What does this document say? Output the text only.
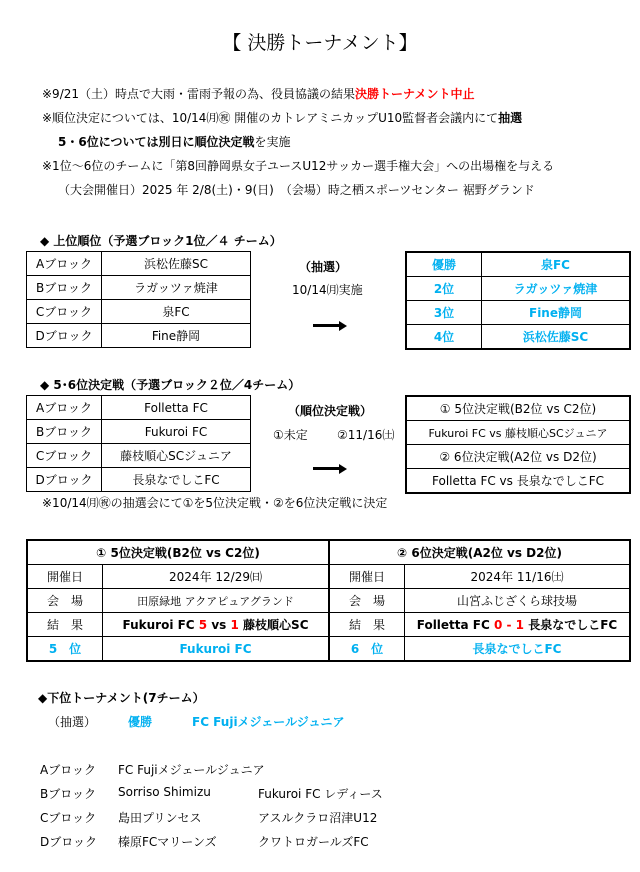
【 決勝トーナメント】
※9/21（土）時点で大雨・雷雨予報の為、役員協議の結果決勝トーナメント中止
※順位決定については、10/14㈪㊗ 開催のカトレアミニカップU10監督者会議内にて抽選
5・6位については別日に順位決定戦を実施
※1位〜6位のチームに「第8回静岡県女子ユースU12サッカー選手権大会」への出場権を与える
（大会開催日）2025 年 2/8(土)・9(日)　（会場）時之栖スポーツセンター 裾野グランド
◆ 上位順位（予選ブロック1位／４ チーム）
Aブロック	浜松佐藤SC
Bブロック	ラガッツァ焼津
Cブロック	泉FC
Dブロック	Fine静岡
（抽選）
10/14㈪実施
優勝	泉FC
2位	ラガッツァ焼津
3位	Fine静岡
4位	浜松佐藤SC
◆ 5･6位決定戦（予選ブロック２位／4チーム）
Aブロック	Folletta FC
Bブロック	Fukuroi FC
Cブロック	藤枝順心SCジュニア
Dブロック	長泉なでしこFC
（順位決定戦）
①未定 ②11/16㈯
① 5位決定戦(B2位 vs C2位)
Fukuroi FC vs 藤枝順心SCジュニア
② 6位決定戦(A2位 vs D2位)
Folletta FC vs 長泉なでしこFC
※10/14㈪㊗の抽選会にて①を5位決定戦・②を6位決定戦に決定
① 5位決定戦(B2位 vs C2位)	
開催日	2024年 12/29㈰
会　場	田原緑地 アクアピュアグランド
結　果	Fukuroi FC 5 vs 1 藤枝順心SC
5　位	Fukuroi FC
② 6位決定戦(A2位 vs D2位)	
開催日	2024年 11/16㈯
会　場	山宮ふじざくら球技場
結　果	Folletta FC 0 - 1 長泉なでしこFC
6　位	長泉なでしこFC
◆下位トーナメント(7チーム）
（抽選）	優勝	FC Fujiメジェールジュニア
Aブロック FC Fujiメジェールジュニア
Bブロック Sorriso Shimizu	Fukuroi FC レディース
Cブロック 島田プリンセス	アスルクラロ沼津U12
Dブロック 榛原FCマリーンズ	クワトロガールズFC
